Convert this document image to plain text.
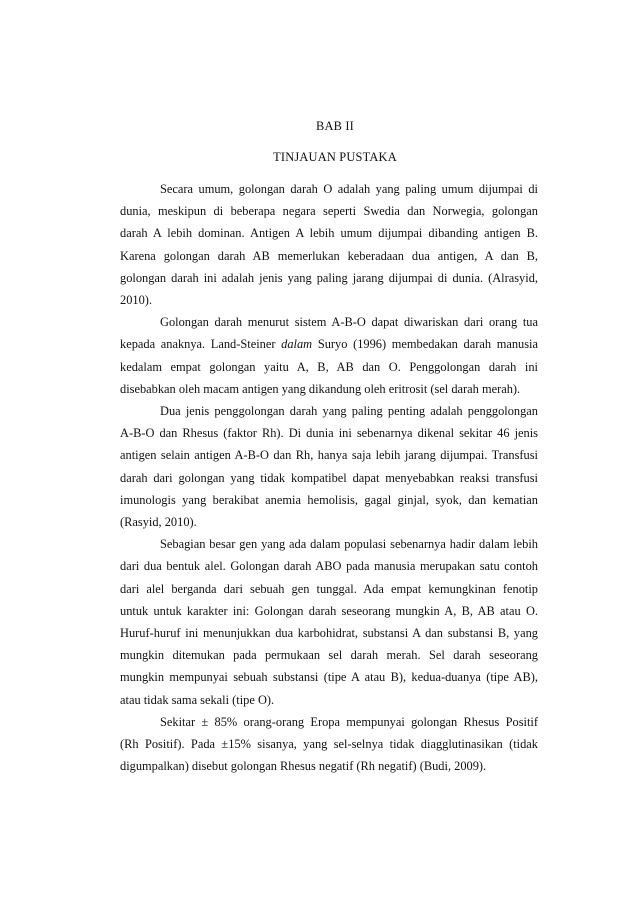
BAB II
TINJAUAN PUSTAKA

Secara umum, golongan darah O adalah yang paling umum dijumpai di
dunia, meskipun di beberapa negara seperti Swedia dan Norwegia, golongan
darah A lebih dominan. Antigen A lebih umum dijumpai dibanding antigen B.
Karena golongan darah AB memerlukan keberadaan dua antigen, A dan B,
golongan darah ini adalah jenis yang paling jarang dijumpai di dunia. (Alrasyid,
2010).

Golongan darah menurut sistem A-B-O dapat diwariskan dari orang tua
kepada anaknya. Land-Steiner dalam Suryo (1996) membedakan darah manusia
kedalam empat golongan yaitu A, B, AB dan O. Penggolongan darah ini
disebabkan oleh macam antigen yang dikandung oleh eritrosit (sel darah merah).

Dua jenis penggolongan darah yang paling penting adalah penggolongan
A-B-O dan Rhesus (faktor Rh). Di dunia ini sebenarnya dikenal sekitar 46 jenis
antigen selain antigen A-B-O dan Rh, hanya saja lebih jarang dijumpai. Transfusi
darah dari golongan yang tidak kompatibel dapat menyebabkan reaksi transfusi
imunologis yang berakibat anemia hemolisis, gagal ginjal, syok, dan kematian
(Rasyid, 2010).

Sebagian besar gen yang ada dalam populasi sebenarnya hadir dalam lebih
dari dua bentuk alel. Golongan darah ABO pada manusia merupakan satu contoh
dari alel berganda dari sebuah gen tunggal. Ada empat kemungkinan fenotip
untuk untuk karakter ini: Golongan darah seseorang mungkin A, B, AB atau O.
Huruf-huruf ini menunjukkan dua karbohidrat, substansi A dan substansi B, yang
mungkin ditemukan pada permukaan sel darah merah. Sel darah seseorang
mungkin mempunyai sebuah substansi (tipe A atau B), kedua-duanya (tipe AB),
atau tidak sama sekali (tipe O).

Sekitar ± 85% orang-orang Eropa mempunyai golongan Rhesus Positif
(Rh Positif). Pada ±15% sisanya, yang sel-selnya tidak diagglutinasikan (tidak
digumpalkan) disebut golongan Rhesus negatif (Rh negatif) (Budi, 2009).
